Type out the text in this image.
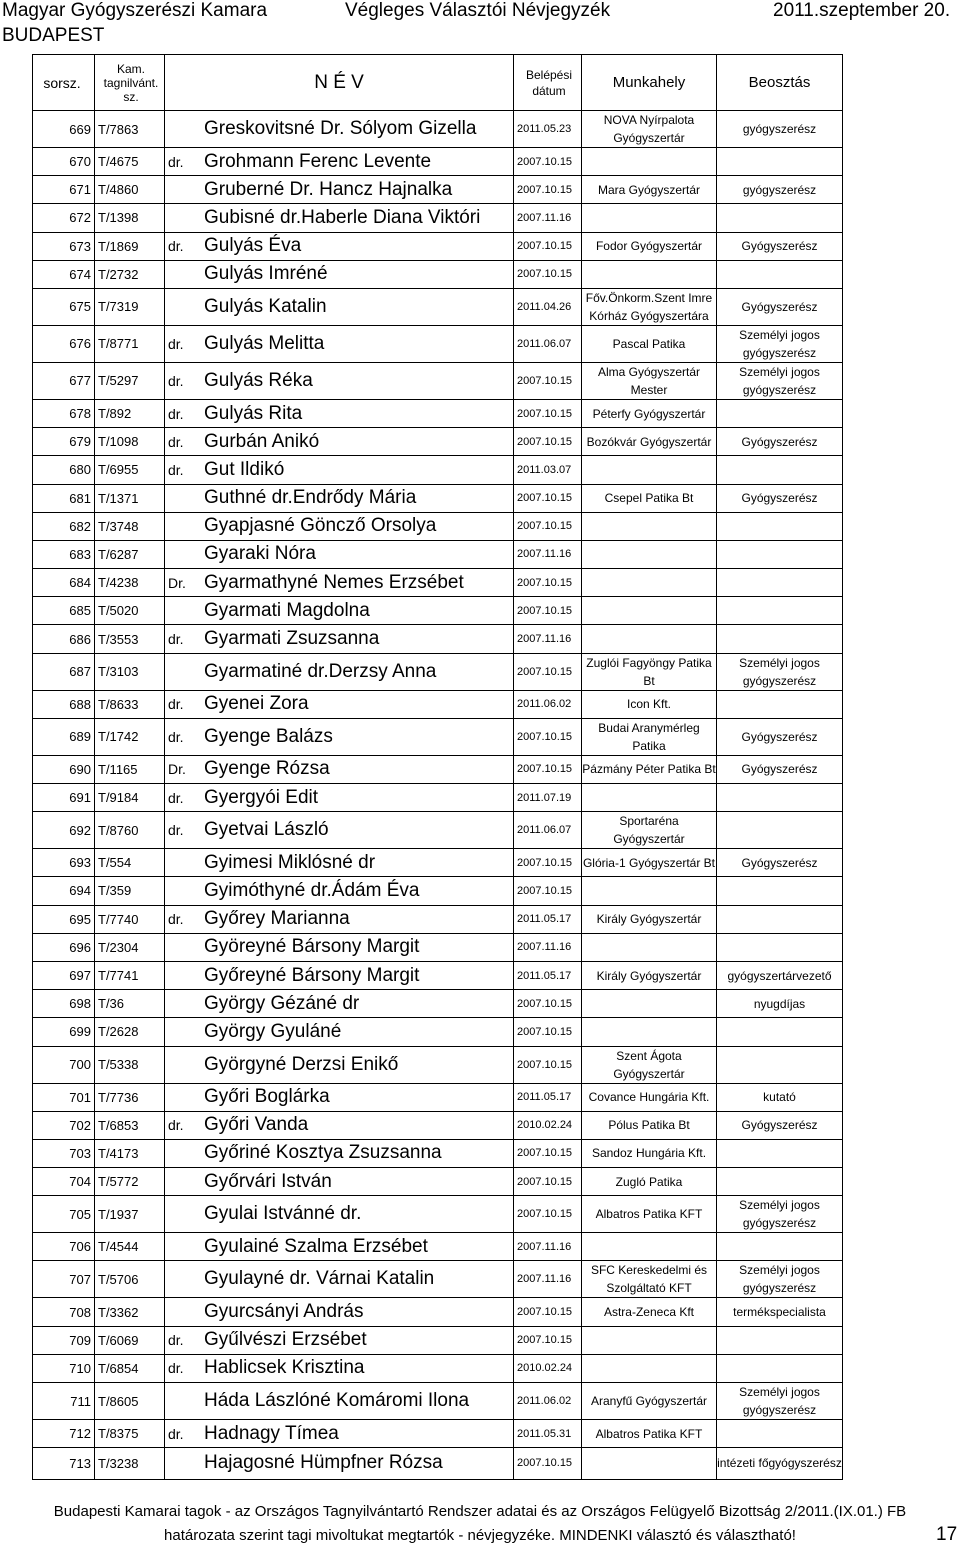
Magyar Gyógyszerészi Kamara
BUDAPEST
Végleges Választói Névjegyzék	2011.szeptember 20.
sorsz.	Kam. tagnilvánt. sz.	N É V		Belépési dátum	Munkahely	Beosztás
669	T/7863		Greskovitsné Dr. Sólyom Gizella	2011.05.23	NOVA Nyírpalota Gyógyszertár	gyógyszerész
670	T/4675	dr.	Grohmann Ferenc Levente	2007.10.15		
671	T/4860		Gruberné Dr. Hancz Hajnalka	2007.10.15	Mara Gyógyszertár	gyógyszerész
672	T/1398		Gubisné dr.Haberle Diana Viktóri	2007.11.16		
673	T/1869	dr.	Gulyás Éva	2007.10.15	Fodor Gyógyszertár	Gyógyszerész
674	T/2732		Gulyás Imréné	2007.10.15		
675	T/7319		Gulyás Katalin	2011.04.26	Főv.Önkorm.Szent Imre Kórház Gyógyszertára	Gyógyszerész
676	T/8771	dr.	Gulyás Melitta	2011.06.07	Pascal Patika	Személyi jogos gyógyszerész
677	T/5297	dr.	Gulyás Réka	2007.10.15	Alma Gyógyszertár Mester	Személyi jogos gyógyszerész
678	T/892	dr.	Gulyás Rita	2007.10.15	Péterfy Gyógyszertár	
679	T/1098	dr.	Gurbán Anikó	2007.10.15	Bozókvár Gyógyszertár	Gyógyszerész
680	T/6955	dr.	Gut Ildikó	2011.03.07		
681	T/1371		Guthné dr.Endrődy Mária	2007.10.15	Csepel Patika Bt	Gyógyszerész
682	T/3748		Gyapjasné Göncző Orsolya	2007.10.15		
683	T/6287		Gyaraki Nóra	2007.11.16		
684	T/4238	Dr.	Gyarmathyné Nemes Erzsébet	2007.10.15		
685	T/5020		Gyarmati Magdolna	2007.10.15		
686	T/3553	dr.	Gyarmati Zsuzsanna	2007.11.16		
687	T/3103		Gyarmatiné dr.Derzsy Anna	2007.10.15	Zuglói Fagyöngy Patika Bt	Személyi jogos gyógyszerész
688	T/8633	dr.	Gyenei Zora	2011.06.02	Icon Kft.	
689	T/1742	dr.	Gyenge Balázs	2007.10.15	Budai Aranymérleg Patika	Gyógyszerész
690	T/1165	Dr.	Gyenge Rózsa	2007.10.15	Pázmány Péter Patika Bt	Gyógyszerész
691	T/9184	dr.	Gyergyói Edit	2011.07.19		
692	T/8760	dr.	Gyetvai László	2011.06.07	Sportaréna Gyógyszertár	
693	T/554		Gyimesi Miklósné dr	2007.10.15	Glória-1 Gyógyszertár Bt	Gyógyszerész
694	T/359		Gyimóthyné dr.Ádám Éva	2007.10.15		
695	T/7740	dr.	Győrey Marianna	2011.05.17	Király Gyógyszertár	
696	T/2304		Györeyné Bársony Margit	2007.11.16		
697	T/7741		Győreyné Bársony Margit	2011.05.17	Király Gyógyszertár	gyógyszertárvezető
698	T/36		György Gézáné dr	2007.10.15		nyugdíjas
699	T/2628		György Gyuláné	2007.10.15		
700	T/5338		Györgyné Derzsi Enikő	2007.10.15	Szent Ágota Gyógyszertár	
701	T/7736		Győri Boglárka	2011.05.17	Covance Hungária Kft.	kutató
702	T/6853	dr.	Győri Vanda	2010.02.24	Pólus Patika Bt	Gyógyszerész
703	T/4173		Győriné Kosztya Zsuzsanna	2007.10.15	Sandoz Hungária Kft.	
704	T/5772		Győrvári István	2007.10.15	Zugló Patika	
705	T/1937		Gyulai Istvánné dr.	2007.10.15	Albatros Patika KFT	Személyi jogos gyógyszerész
706	T/4544		Gyulainé Szalma Erzsébet	2007.11.16		
707	T/5706		Gyulayné dr. Várnai Katalin	2007.11.16	SFC Kereskedelmi és Szolgáltató KFT	Személyi jogos gyógyszerész
708	T/3362		Gyurcsányi András	2007.10.15	Astra-Zeneca Kft	termékspecialista
709	T/6069	dr.	Gyűlvészi Erzsébet	2007.10.15		
710	T/6854	dr.	Hablicsek Krisztina	2010.02.24		
711	T/8605		Háda Lászlóné Komáromi Ilona	2011.06.02	Aranyfű Gyógyszertár	Személyi jogos gyógyszerész
712	T/8375	dr.	Hadnagy Tímea	2011.05.31	Albatros Patika KFT	
713	T/3238		Hajagosné Hümpfner Rózsa	2007.10.15		intézeti főgyógyszerész
Budapesti Kamarai tagok - az Országos Tagnyilvántartó Rendszer adatai és az Országos Felügyelő Bizottság 2/2011.(IX.01.) FB
határozata szerint tagi mivoltukat megtartók - névjegyzéke. MINDENKI választó és választható!	17
